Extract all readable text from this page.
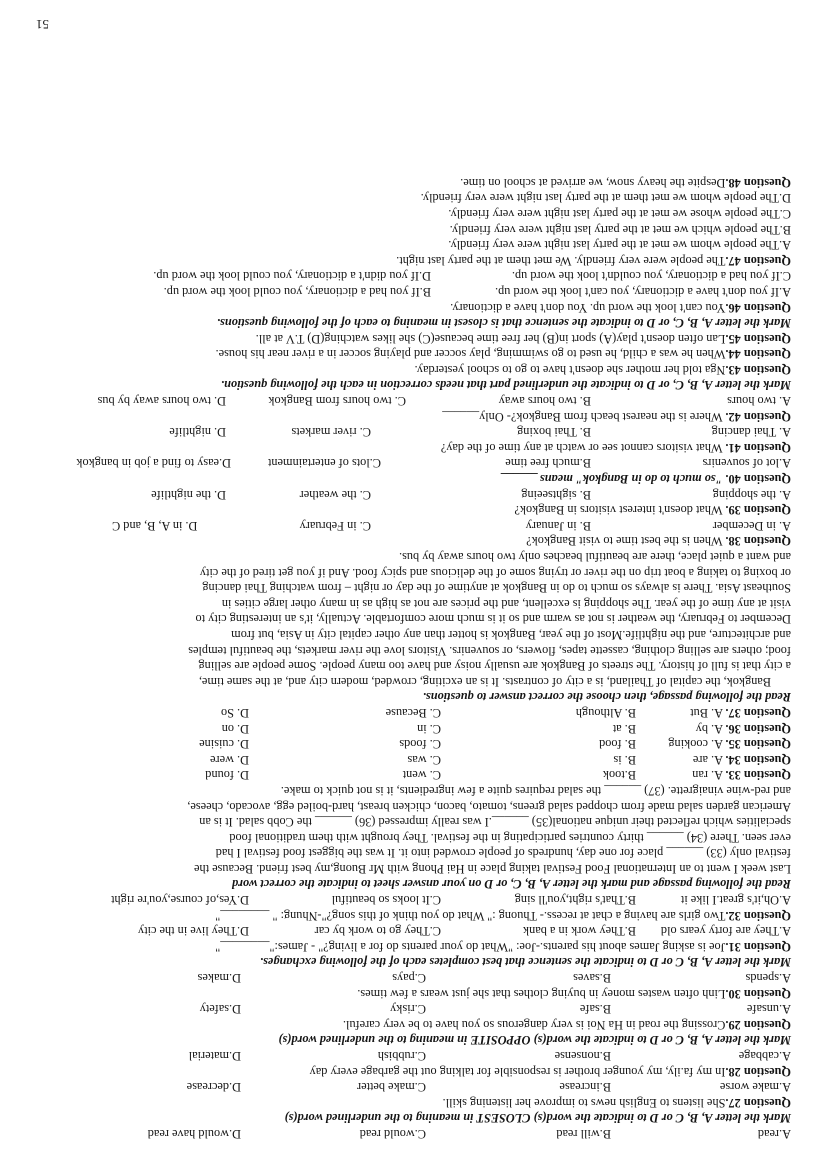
A.read
B.will read
C.would read
D.would have read
Mark the letter A, B, C or D to indicate the word(s) CLOSEST in meaning to the underlined word(s)
Question 27.She listens to English news to improve her listening skill.
A.make worse
B.increase
C.make better
D.decrease
Question 28.In my fa.ily, my younger brother is responsible for talking out the garbage every day
A.cabbage
B.nonsense
C.rubbish
D.material
Mark the letter A, B, C or D to indicate the word(s) OPPOSITE in meaning to the underlined word(s)
Question 29.Crossing the road in Ha Noi is very dangerous so you have to be very careful.
A.unsafe
B.safe
C.risky
D.safety
Question 30.Linh often wastes money in buying clothes that she just wears a few times.
A.spends
B.saves
C.pays
D.makes
Mark the letter A, B, C or D to indicate the sentence that best completes each of the following exchanges.
Question 31.Joe is asking James about his parents.-Joe: "What do your parents do for a living?" - James:"________"
A.They are forty years old
B.They work in a bank
C.They go to work by car
D.They live in the city
Question 32.Two girls are having a chat at recess.- Thuong :" What do you think of this song?"-Nhung: " ________"
A.Oh,it's great.I like it
B.That's right,you'll sing
C.It looks so beautiful
D.Yes,of course,you're right
Read the following passage and mark the letter A, B, C, or D on your answer sheet to indicate the correct word
Last week I went to an International Food Festival taking place in Hai Phong with Mr Buong,my best friend. Because the
festival only (33) ______ place for one day, hundreds of people crowded into it. It was the biggest food festival I had
ever seen. There (34) ______ thirty countries participating in the festival. They brought with them traditional food
specialities which reflected their unique national(35) ______.I was really impressed (36) ______ the Cobb salad. It is an
American garden salad made from chopped salad greens, tomato, bacon, chicken breast, hard-boiled egg, avocado, cheese,
and red-wine vinaigrette. (37) ______ the salad requires quite a few ingredients, it is not quick to make.
Question 33. A. ran
B.took
C. went
D. found
Question 34. A. are
B. is
C. was
D. were
Question 35. A. cooking
B. food
C. foods
D. cuisine
Question 36. A. by
B. at
C. in
D. on
Question 37. A. But
B. Although
C. Because
D. So
Read the following passage, then choose the correct answer to questions.
Bangkok, the capital of Thailand, is a city of contrasts. It is an exciting, crowded, modern city and, at the same time,
a city that is full of history. The streets of Bangkok are usually noisy and have too many people. Some people are selling
food; others are selling clothing, cassette tapes, flowers, or souvenirs. Visitors love the river markets, the beautiful temples
and architecture, and the nightlife.Most of the year, Bangkok is hotter than any other capital city in Asia, but from
December to February, the weather is not as warm and so it is much more comfortable. Actually, it's an interesting city to
visit at any time of the year. The shopping is excellent, and the prices are not as high as in many other large cities in
Southeast Asia. There is always so much to do in Bangkok at anytime of the day or night – from watching Thai dancing
or boxing to taking a boat trip on the river or trying some of the delicious and spicy food. And if you get tired of the city
and want a quiet place, there are beautiful beaches only two hours away by bus.
Question 38. When is the best time to visit Bangkok?
A. in December
B. in January
C. in February
D. in A, B, and C
Question 39. What doesn't interest visitors in Bangkok?
A. the shopping
B. sightseeing
C. the weather
D. the nightlife
Question 40. "so much to do in Bangkok" means ______
A.lot of souvenirs
B.much free time
C.lots of entertainment
D.easy to find a job in bangkok
Question 41. What visitors cannot see or watch at any time of the day?
A. Thai dancing
B. Thai boxing
C. river markets
D. nightlife
Question 42. Where is the nearest beach from Bangkok?- Only______
A. two hours
B. two hours away
C. two hours from Bangkok
D. two hours away by bus
Mark the letter A, B, C, or D to indicate the underlined part that needs correction in each the following question.
Question 43.Nga told her mother she doesn't have to go to school yesterday.
Question 44.When he was a child, he used to go swimming, play soccer and playing soccer in a river near his house.
Question 45.Lan often doesn't play(A) sport in(B) her free time because(C) she likes watching(D) T.V at all.
Mark the letter A, B, C, or D to indicate the sentence that is closest in meaning to each of the following questions.
Question 46.You can't look the word up. You don't have a dictionary.
A.If you don't have a dictionary, you can't look the word up.
B.If you had a dictionary, you could look the word up.
C.If you had a dictionary, you couldn't look the word up.
D.If you didn't a dictionary, you could look the word up.
Question 47.The people were very friendly. We met them at the party last night.
A.The people whom we met at the party last night were very friendly.
B.The people which we met at the party last night were very friendly.
C.The people whose we met at the party last night were very friendly.
D.The people whom we met them at the party last night were very friendly.
Question 48.Despite the heavy snow, we arrived at school on time.
51
